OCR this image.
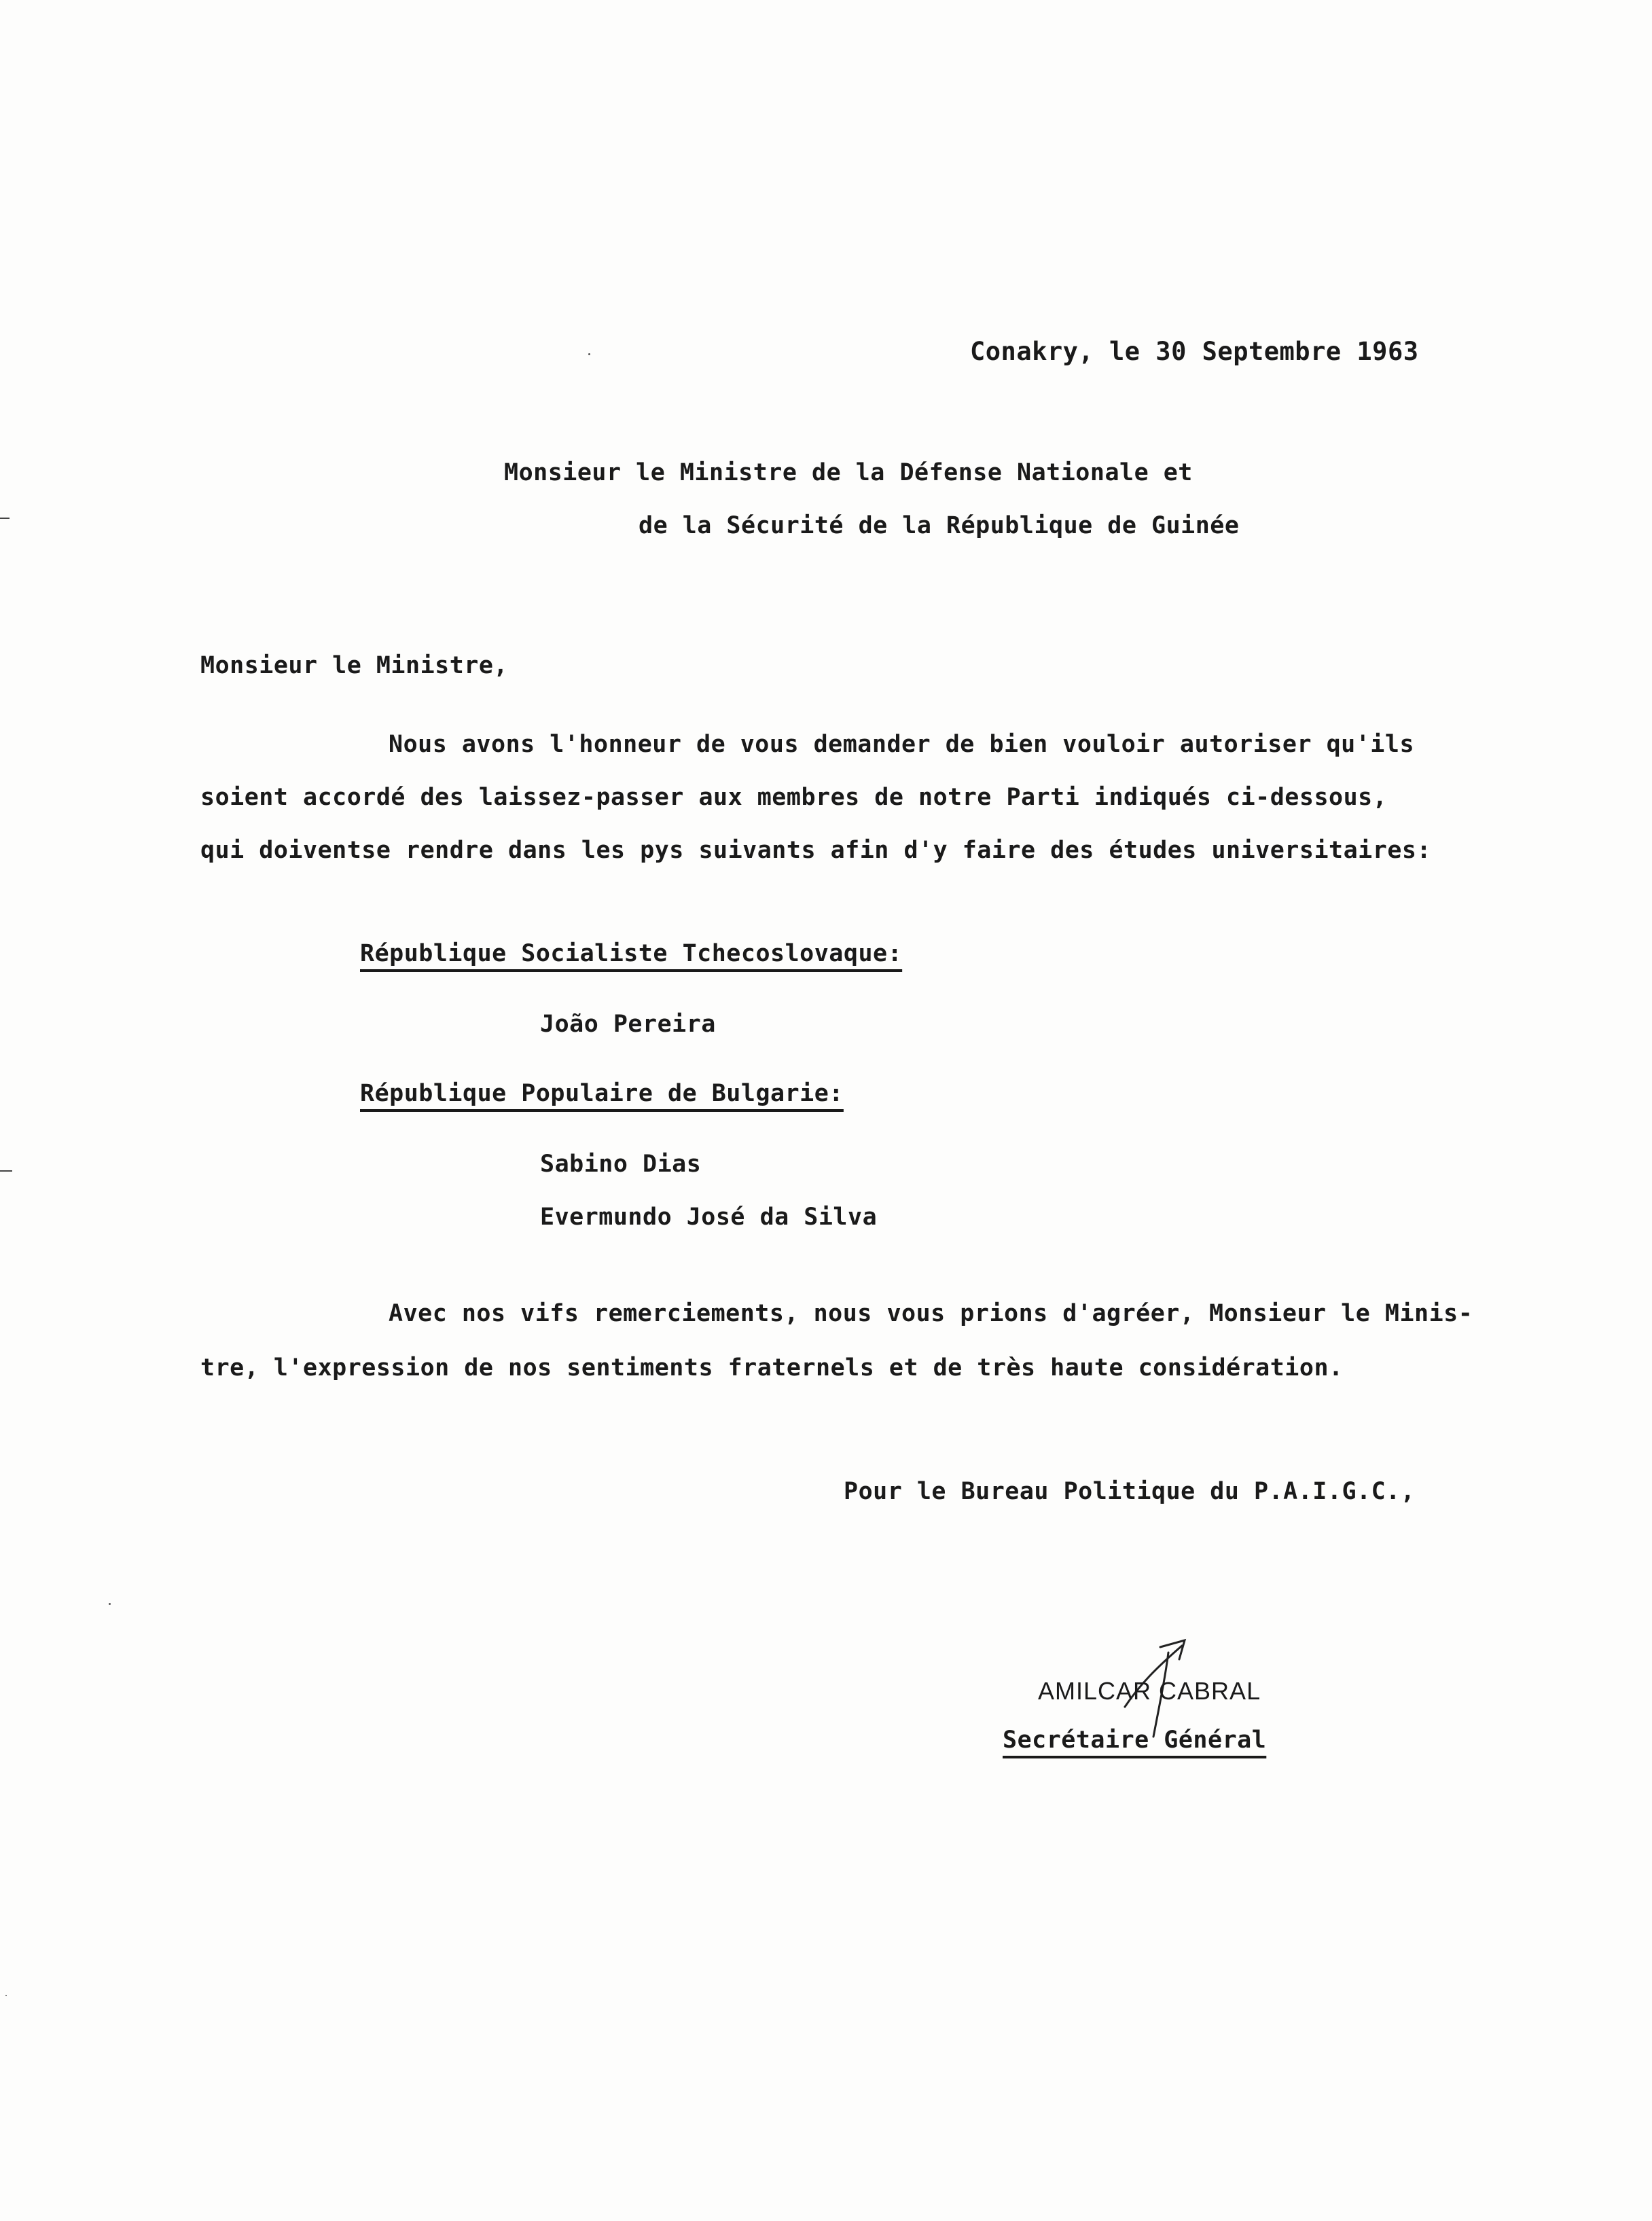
Conakry, le 30 Septembre 1963
Monsieur le Ministre de la Défense Nationale et
de la Sécurité de la République de Guinée
Monsieur le Ministre,
Nous avons l'honneur de vous demander de bien vouloir autoriser qu'ils
soient accordé des laissez-passer aux membres de notre Parti indiqués ci-dessous,
qui doiventse rendre dans les pys suivants afin d'y faire des études universitaires:
République Socialiste Tchecoslovaque:
João Pereira
République Populaire de Bulgarie:
Sabino Dias
Evermundo José da Silva
Avec nos vifs remerciements, nous vous prions d'agréer, Monsieur le Minis-
tre, l'expression de nos sentiments fraternels et de très haute considération.
Pour le Bureau Politique du P.A.I.G.C.,
AMILCAR CABRAL
Secrétaire Général
